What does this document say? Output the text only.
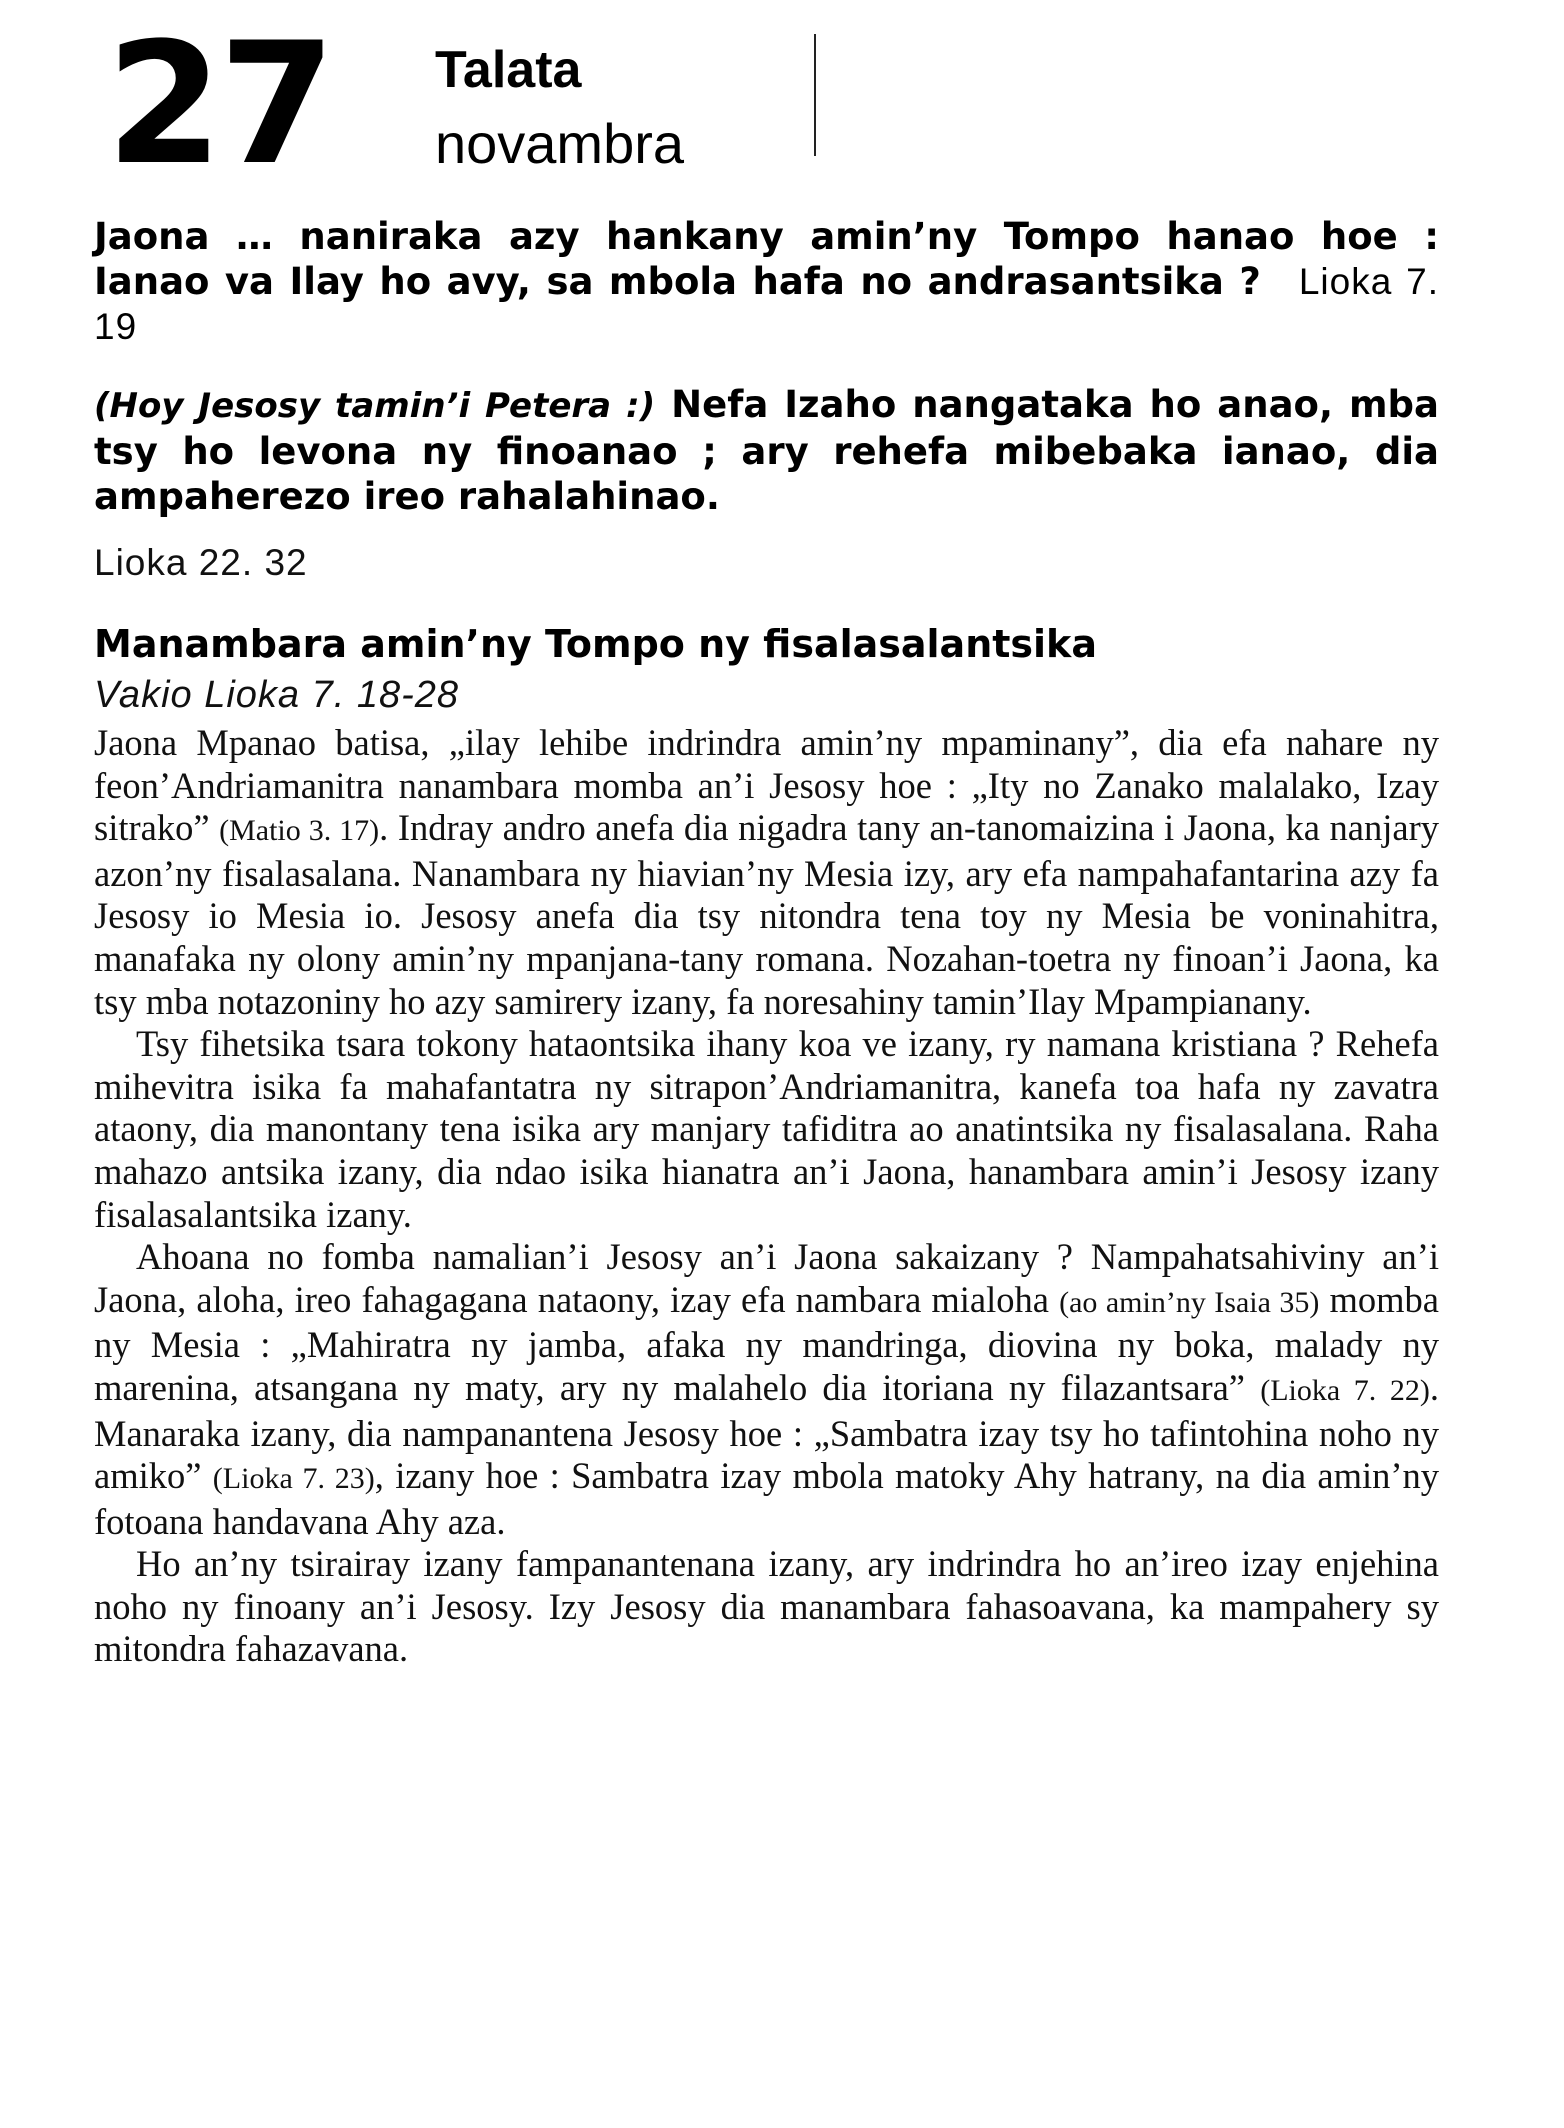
27 Talata
novambra
Jaona … naniraka azy hankany amin’ny Tompo hanao hoe : Ianao va Ilay ho avy, sa mbola hafa no andrasantsika ? Lioka 7. 19
(Hoy Jesosy tamin’i Petera :) Nefa Izaho nangataka ho anao, mba tsy ho levona ny finoanao ; ary rehefa mibebaka ianao, dia ampaherezo ireo rahalahinao.
Lioka 22. 32
Manambara amin’ny Tompo ny fisalasalantsika
Vakio Lioka 7. 18-28

Jaona Mpanao batisa, „ilay lehibe indrindra amin’ny mpaminany”, dia efa nahare ny feon’Andriamanitra nanambara momba an’i Jesosy hoe : „Ity no Zanako malalako, Izay sitrako” (Matio 3. 17). Indray andro anefa dia nigadra tany an-tanomaizina i Jaona, ka nanjary azon’ny fisalasalana. Nanambara ny hiavian’ny Mesia izy, ary efa nampahafantarina azy fa Jesosy io Mesia io. Jesosy anefa dia tsy nitondra tena toy ny Mesia be voninahitra, manafaka ny olony amin’ny mpanjana-tany romana. Nozahan-toetra ny finoan’i Jaona, ka tsy mba notazoniny ho azy samirery izany, fa noresahiny tamin’Ilay Mpampianany.

Tsy fihetsika tsara tokony hataontsika ihany koa ve izany, ry namana kristiana ? Rehefa mihevitra isika fa mahafantatra ny sitrapon’Andriamanitra, kanefa toa hafa ny zavatra ataony, dia manontany tena isika ary manjary tafiditra ao anatintsika ny fisalasalana. Raha mahazo antsika izany, dia ndao isika hianatra an’i Jaona, hanambara amin’i Jesosy izany fisalasalantsika izany.

Ahoana no fomba namalian’i Jesosy an’i Jaona sakaizany ? Nampahatsahiviny an’i Jaona, aloha, ireo fahagagana nataony, izay efa nambara mialoha (ao amin’ny Isaia 35) momba ny Mesia : „Mahiratra ny jamba, afaka ny mandringa, diovina ny boka, malady ny marenina, atsangana ny maty, ary ny malahelo dia itoriana ny filazantsara” (Lioka 7. 22). Manaraka izany, dia nampanantena Jesosy hoe : „Sambatra izay tsy ho tafintohina noho ny amiko” (Lioka 7. 23), izany hoe : Sambatra izay mbola matoky Ahy hatrany, na dia amin’ny fotoana handavana Ahy aza.

Ho an’ny tsirairay izany fampanantenana izany, ary indrindra ho an’ireo izay enjehina noho ny finoany an’i Jesosy. Izy Jesosy dia manambara fahasoavana, ka mampahery sy mitondra fahazavana.
